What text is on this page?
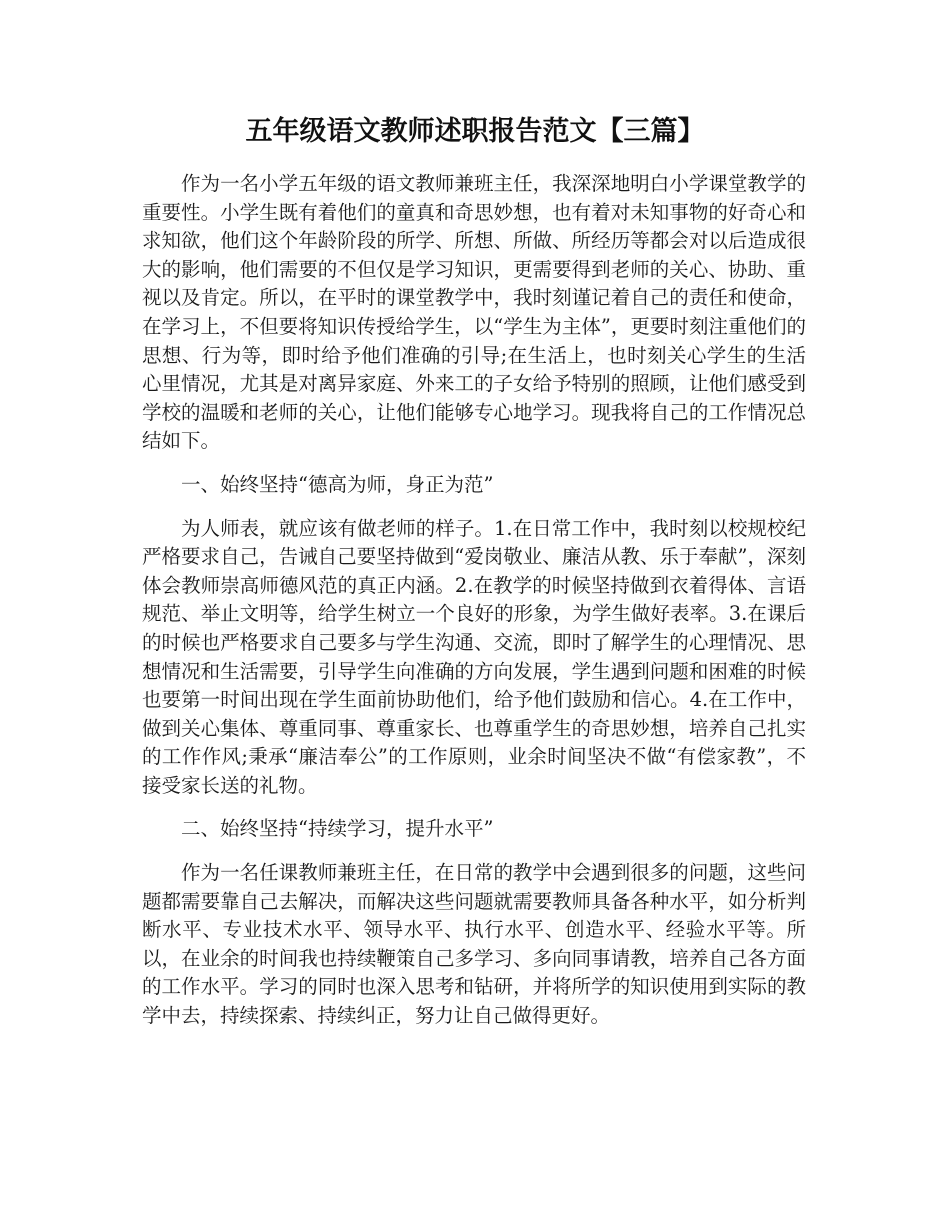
五年级语文教师述职报告范文【三篇】

作为一名小学五年级的语文教师兼班主任，我深深地明白小学课堂教学的重要性。小学生既有着他们的童真和奇思妙想，也有着对未知事物的好奇心和求知欲，他们这个年龄阶段的所学、所想、所做、所经历等都会对以后造成很大的影响，他们需要的不但仅是学习知识，更需要得到老师的关心、协助、重视以及肯定。所以，在平时的课堂教学中，我时刻谨记着自己的责任和使命，在学习上，不但要将知识传授给学生，以“学生为主体”，更要时刻注重他们的思想、行为等，即时给予他们准确的引导;在生活上，也时刻关心学生的生活心里情况，尤其是对离异家庭、外来工的子女给予特别的照顾，让他们感受到学校的温暖和老师的关心，让他们能够专心地学习。现我将自己的工作情况总结如下。

一、始终坚持“德高为师，身正为范”

为人师表，就应该有做老师的样子。1.在日常工作中，我时刻以校规校纪严格要求自己，告诫自己要坚持做到“爱岗敬业、廉洁从教、乐于奉献”，深刻体会教师崇高师德风范的真正内涵。2.在教学的时候坚持做到衣着得体、言语规范、举止文明等，给学生树立一个良好的形象，为学生做好表率。3.在课后的时候也严格要求自己要多与学生沟通、交流，即时了解学生的心理情况、思想情况和生活需要，引导学生向准确的方向发展，学生遇到问题和困难的时候也要第一时间出现在学生面前协助他们，给予他们鼓励和信心。4.在工作中，做到关心集体、尊重同事、尊重家长、也尊重学生的奇思妙想，培养自己扎实的工作作风;秉承“廉洁奉公”的工作原则，业余时间坚决不做“有偿家教”，不接受家长送的礼物。

二、始终坚持“持续学习，提升水平”

作为一名任课教师兼班主任，在日常的教学中会遇到很多的问题，这些问题都需要靠自己去解决，而解决这些问题就需要教师具备各种水平，如分析判断水平、专业技术水平、领导水平、执行水平、创造水平、经验水平等。所以，在业余的时间我也持续鞭策自己多学习、多向同事请教，培养自己各方面的工作水平。学习的同时也深入思考和钻研，并将所学的知识使用到实际的教学中去，持续探索、持续纠正，努力让自己做得更好。
